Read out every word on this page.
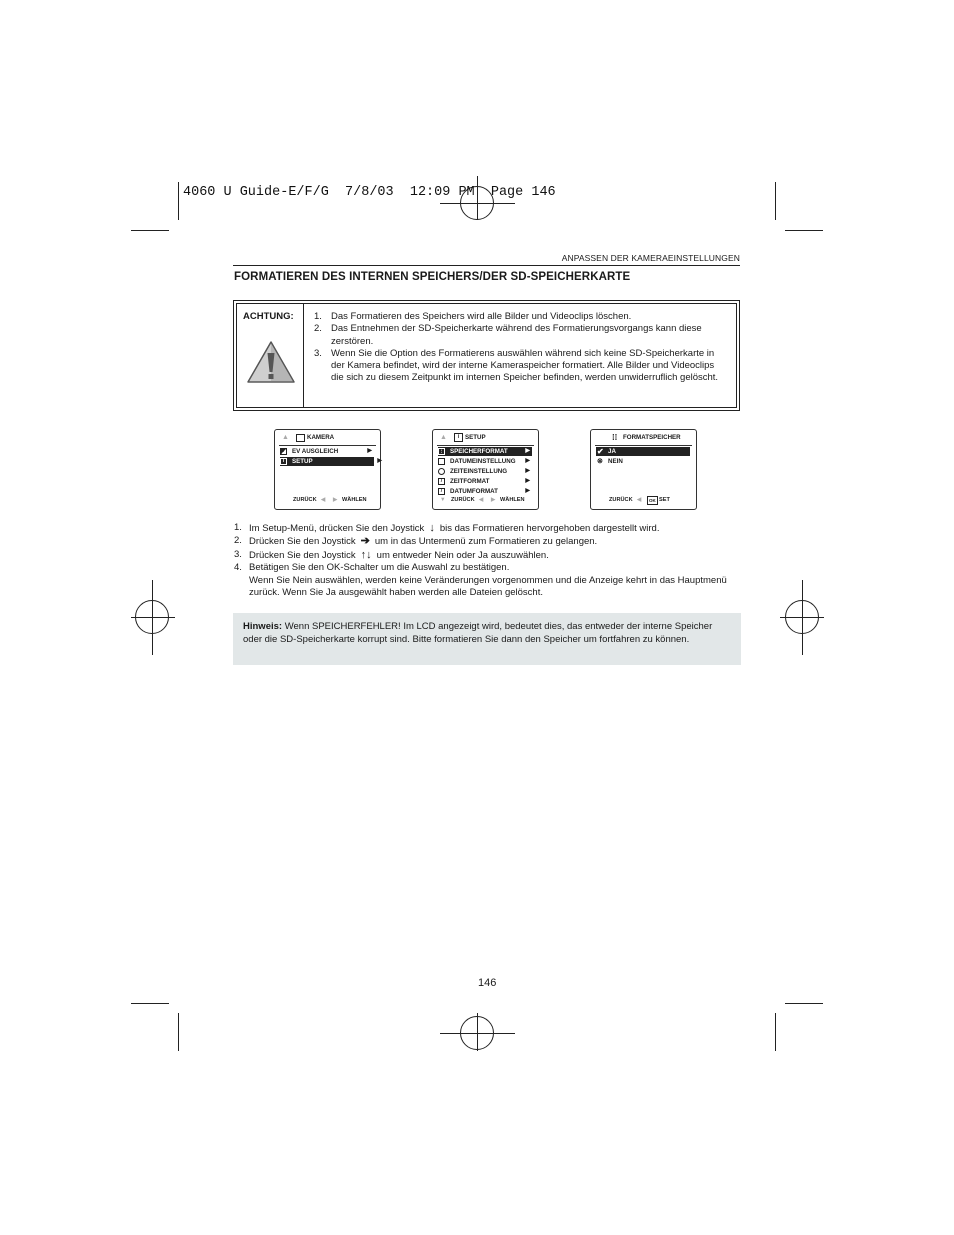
4060 U Guide-E/F/G  7/8/03  12:09 PM  Page 146
ANPASSEN DER KAMERAEINSTELLUNGEN
FORMATIEREN DES INTERNEN SPEICHERS/DER SD-SPEICHERKARTE
ACHTUNG: 1. Das Formatieren des Speichers wird alle Bilder und Videoclips löschen.
2. Das Entnehmen der SD-Speicherkarte während des Formatierungsvorgangs kann diese zerstören.
3. Wenn Sie die Option des Formatierens auswählen während sich keine SD-Speicherkarte in der Kamera befindet, wird der interne Kameraspeicher formatiert. Alle Bilder und Videoclips die sich zu diesem Zeitpunkt im internen Speicher befinden, werden unwiderruflich gelöscht.
▲	KAMERA
EV AUSGLEICH	▶
i	SETUP	▶
ZURÜCK ◀ ▶ WÄHLEN
▲	i SETUP
⋮ SPEICHERFORMAT	▶
DATUMEINSTELLUNG ▶
ZEITEINSTELLUNG	▶
/	ZEITFORMAT	▶
/	DATUMFORMAT	▶
▼ ZURÜCK ◀ ▶ WÄHLEN
⁞⁞ FORMATSPEICHER
✔ JA
⊗ NEIN
ZURÜCK ◀	OK SET
1. Im Setup-Menü, drücken Sie den Joystick ↓ bis das Formatieren hervorgehoben dargestellt wird.
2. Drücken Sie den Joystick ➔ um in das Untermenü zum Formatieren zu gelangen.
3. Drücken Sie den Joystick ↑↓ um entweder Nein oder Ja auszuwählen.
4. Betätigen Sie den OK-Schalter um die Auswahl zu bestätigen.
Wenn Sie Nein auswählen, werden keine Veränderungen vorgenommen und die Anzeige kehrt in das Hauptmenü zurück. Wenn Sie Ja ausgewählt haben werden alle Dateien gelöscht.
Hinweis: Wenn SPEICHERFEHLER! Im LCD angezeigt wird, bedeutet dies, das entweder der interne Speicher oder die SD-Speicherkarte korrupt sind. Bitte formatieren Sie dann den Speicher um fortfahren zu können.
146
